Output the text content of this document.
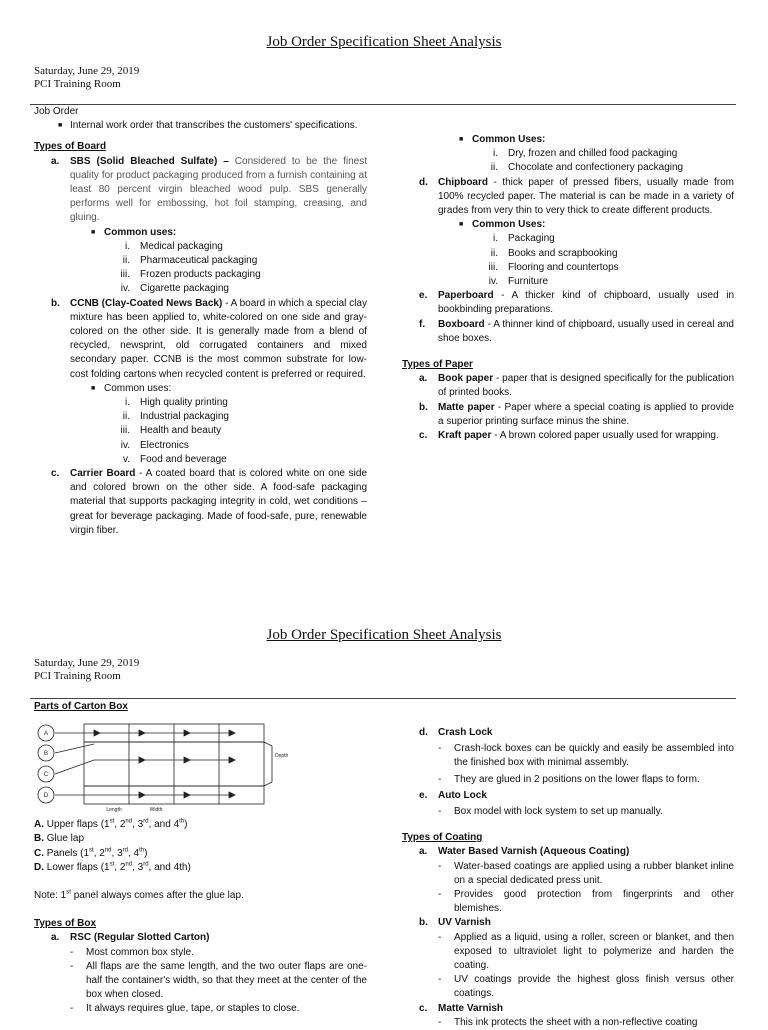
Job Order Specification Sheet Analysis
Saturday, June 29, 2019
PCI Training Room

Job Order

■ Internal work order that transcribes the customers' specifications.

Types of Board

a. SBS (Solid Bleached Sulfate) – Considered to be the finest quality for product packaging produced from a furnish containing at least 80 percent virgin bleached wood pulp. SBS generally performs well for embossing, hot foil stamping, creasing, and gluing.

■ Common uses:
i. Medical packaging
ii. Pharmaceutical packaging
iii. Frozen products packaging
iv. Cigarette packaging
b. CCNB (Clay-Coated News Back) - A board in which a special clay mixture has been applied to, white-colored on one side and gray-colored on the other side. It is generally made from a blend of recycled, newsprint, old corrugated containers and mixed secondary paper. CCNB is the most common substrate for low-cost folding cartons when recycled content is preferred or required.

■ Common uses:
i. High quality printing
ii. Industrial packaging
iii. Health and beauty
iv. Electronics
v. Food and beverage
c. Carrier Board - A coated board that is colored white on one side and colored brown on the other side. A food-safe packaging material that supports packaging integrity in cold, wet conditions – great for beverage packaging. Made of food-safe, pure, renewable virgin fiber.

■ Common Uses:
i. Dry, frozen and chilled food packaging
ii. Chocolate and confectionery packaging
d. Chipboard - thick paper of pressed fibers, usually made from 100% recycled paper. The material is can be made in a variety of grades from very thin to very thick to create different products.

■ Common Uses:
i. Packaging
ii. Books and scrapbooking
iii. Flooring and countertops
iv. Furniture
e. Paperboard - A thicker kind of chipboard, usually used in bookbinding preparations.

f. Boxboard - A thinner kind of chipboard, usually used in cereal and shoe boxes.

Types of Paper

a. Book paper - paper that is designed specifically for the publication of printed books.

b. Matte paper - Paper where a special coating is applied to provide a superior printing surface minus the shine.

c. Kraft paper - A brown colored paper usually used for wrapping.

Job Order Specification Sheet Analysis
Saturday, June 29, 2019
PCI Training Room

Parts of Carton Box

A
B
C
D
Depth
Length	Width

A. Upper flaps (1st, 2nd, 3rd, and 4th)

B. Glue lap

C. Panels (1st, 2nd, 3rd, 4th)

D. Lower flaps (1st, 2nd, 3rd, and 4th)

Note: 1st panel always comes after the glue lap.

Types of Box

a. RSC (Regular Slotted Carton)
- Most common box style.

- All flaps are the same length, and the two outer flaps are one-half the container's width, so that they meet at the center of the box when closed.

- It always requires glue, tape, or staples to close.

d. Crash Lock
- Crash-lock boxes can be quickly and easily be assembled into the finished box with minimal assembly.

- They are glued in 2 positions on the lower flaps to form.

e. Auto Lock
- Box model with lock system to set up manually.

Types of Coating

a. Water Based Varnish (Aqueous Coating)
- Water-based coatings are applied using a rubber blanket inline on a special dedicated press unit.

- Provides good protection from fingerprints and other blemishes.

b. UV Varnish
- Applied as a liquid, using a roller, screen or blanket, and then exposed to ultraviolet light to polymerize and harden the coating.

- UV coatings provide the highest gloss finish versus other coatings.

c. Matte Varnish
- This ink protects the sheet with a non-reflective coating
